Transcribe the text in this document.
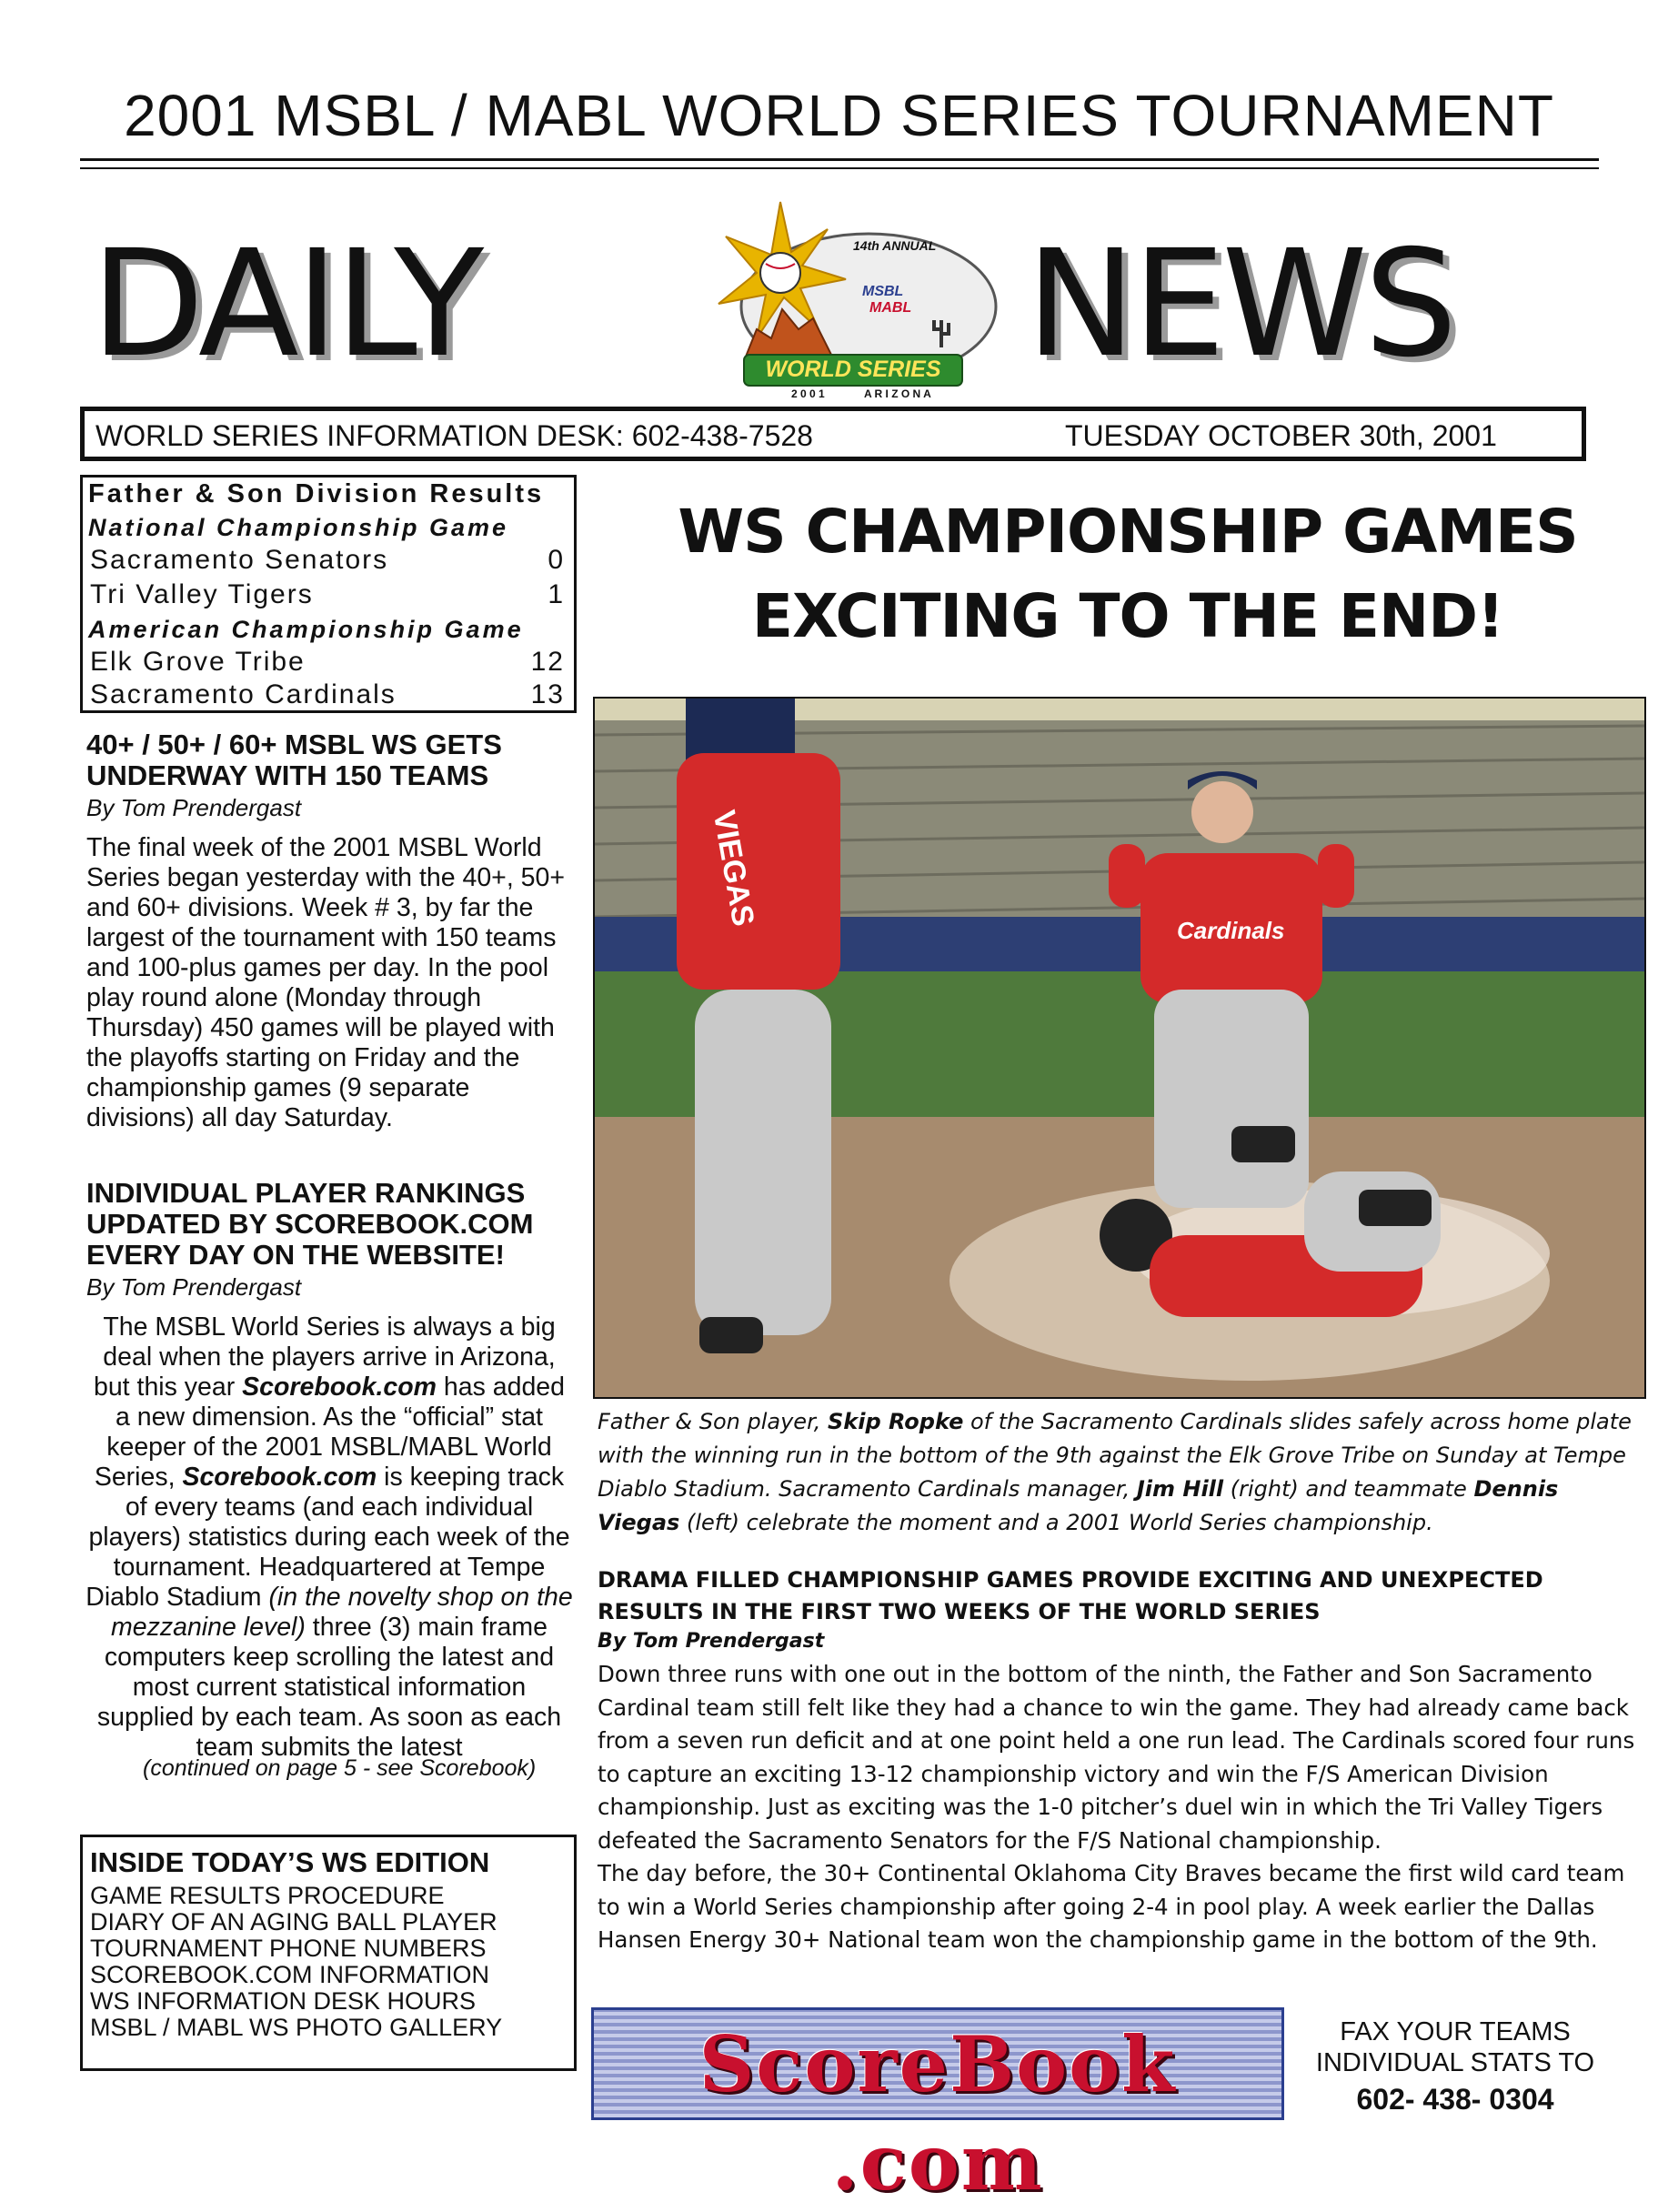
2001 MSBL / MABL WORLD SERIES TOURNAMENT
DAILY	NEWS
14th ANNUAL
MSBL
MABL
WORLD SERIES
2 0 0 1	A R I Z O N A
WORLD SERIES INFORMATION DESK: 602-438-7528	TUESDAY OCTOBER 30th, 2001
Father & Son Division Results
National Championship Game
Sacramento Senators	0
Tri Valley Tigers	1
American Championship Game
Elk Grove Tribe	12
Sacramento Cardinals	13
40+ / 50+ / 60+ MSBL WS GETS UNDERWAY WITH 150 TEAMS
By Tom Prendergast
The final week of the 2001 MSBL World Series began yesterday with the 40+, 50+ and 60+ divisions. Week # 3, by far the largest of the tournament with 150 teams and 100-plus games per day. In the pool play round alone (Monday through Thursday) 450 games will be played with the playoffs starting on Friday and the championship games (9 separate divisions) all day Saturday.
INDIVIDUAL PLAYER RANKINGS UPDATED BY SCOREBOOK.COM EVERY DAY ON THE WEBSITE!
By Tom Prendergast
The MSBL World Series is always a big deal when the players arrive in Arizona, but this year Scorebook.com has added a new dimension. As the “official” stat keeper of the 2001 MSBL/MABL World Series, Scorebook.com is keeping track of every teams (and each individual players) statistics during each week of the tournament. Headquartered at Tempe Diablo Stadium (in the novelty shop on the mezzanine level) three (3) main frame computers keep scrolling the latest and most current statistical information supplied by each team. As soon as each team submits the latest
(continued on page 5 - see Scorebook)
INSIDE TODAY’S WS EDITION
GAME RESULTS PROCEDURE
DIARY OF AN AGING BALL PLAYER
TOURNAMENT PHONE NUMBERS
SCOREBOOK.COM INFORMATION
WS INFORMATION DESK HOURS
MSBL / MABL WS PHOTO GALLERY
WS CHAMPIONSHIP GAMES
EXCITING TO THE END!
VIEGAS
Cardinals
Father & Son player, Skip Ropke of the Sacramento Cardinals slides safely across home plate with the winning run in the bottom of the 9th against the Elk Grove Tribe on Sunday at Tempe Diablo Stadium. Sacramento Cardinals manager, Jim Hill (right) and teammate Dennis Viegas (left) celebrate the moment and a 2001 World Series championship.
DRAMA FILLED CHAMPIONSHIP GAMES PROVIDE EXCITING AND UNEXPECTED RESULTS IN THE FIRST TWO WEEKS OF THE WORLD SERIES
By Tom Prendergast
Down three runs with one out in the bottom of the ninth, the Father and Son Sacramento Cardinal team still felt like they had a chance to win the game. They had already came back from a seven run deficit and at one point held a one run lead. The Cardinals scored four runs to capture an exciting 13-12 championship victory and win the F/S American Division championship. Just as exciting was the 1-0 pitcher’s duel win in which the Tri Valley Tigers defeated the Sacramento Senators for the F/S National championship.
The day before, the 30+ Continental Oklahoma City Braves became the first wild card team to win a World Series championship after going 2-4 in pool play. A week earlier the Dallas Hansen Energy 30+ National team won the championship game in the bottom of the 9th.
ScoreBook .com
FAX YOUR TEAMS
INDIVIDUAL STATS TO
602- 438- 0304
